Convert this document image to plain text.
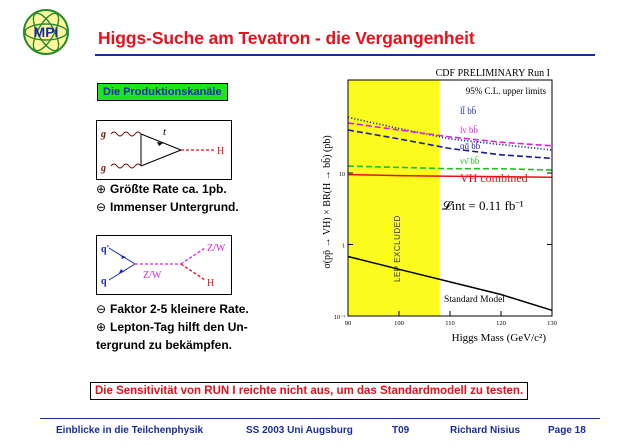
MPI Higgs-Suche am Tevatron - die Vergangenheit
Die Produktionskanäle
g
g
t
H
⊕ Größte Rate ca. 1pb.
⊖ Immenser Untergrund.
q'
q
Z/W
Z/W
H
⊖ Faktor 2-5 kleinere Rate.
⊕ Lepton-Tag hilft den Un-
tergrund zu bekämpfen.
CDF PRELIMINARY Run I
95% C.L. upper limits
σ(pp̄ → VH) × BR(H → bb̄) (pb)
Higgs Mass (GeV/c²)
LEP EXCLUDED
𝓛int = 0.11 fb⁻¹
90	100	110	120	130
10⁻¹
1
10
ll̄ bb̄
lν bb̄
qq̄ bb̄
νν̄ bb̄
VH combined
Standard Model
Die Sensitivität von RUN I reichte nicht aus, um das Standardmodell zu testen.
Einblicke in die Teilchenphysik	SS 2003 Uni Augsburg	T09	Richard Nisius	Page 18
